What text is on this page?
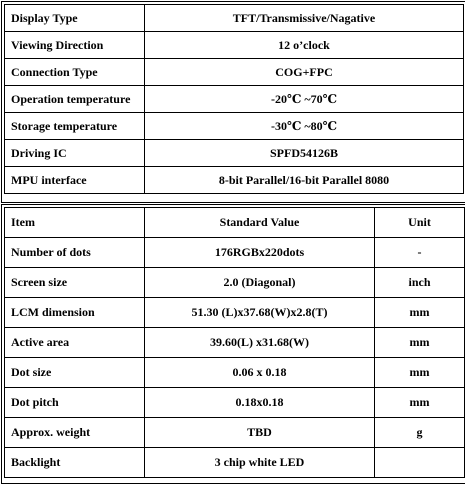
Display Type	TFT/Transmissive/Nagative
Viewing Direction	12 o’clock
Connection Type	COG+FPC
Operation temperature	-20℃ ~70℃
Storage temperature	-30℃ ~80℃
Driving IC	SPFD54126B
MPU interface	8-bit Parallel/16-bit Parallel 8080
Item	Standard Value	Unit
Number of dots	176RGBx220dots	-
Screen size	2.0 (Diagonal)	inch
LCM dimension	51.30 (L)x37.68(W)x2.8(T)	mm
Active area	39.60(L) x31.68(W)	mm
Dot size	0.06 x 0.18	mm
Dot pitch	0.18x0.18	mm
Approx. weight	TBD	g
Backlight	3 chip white LED	
